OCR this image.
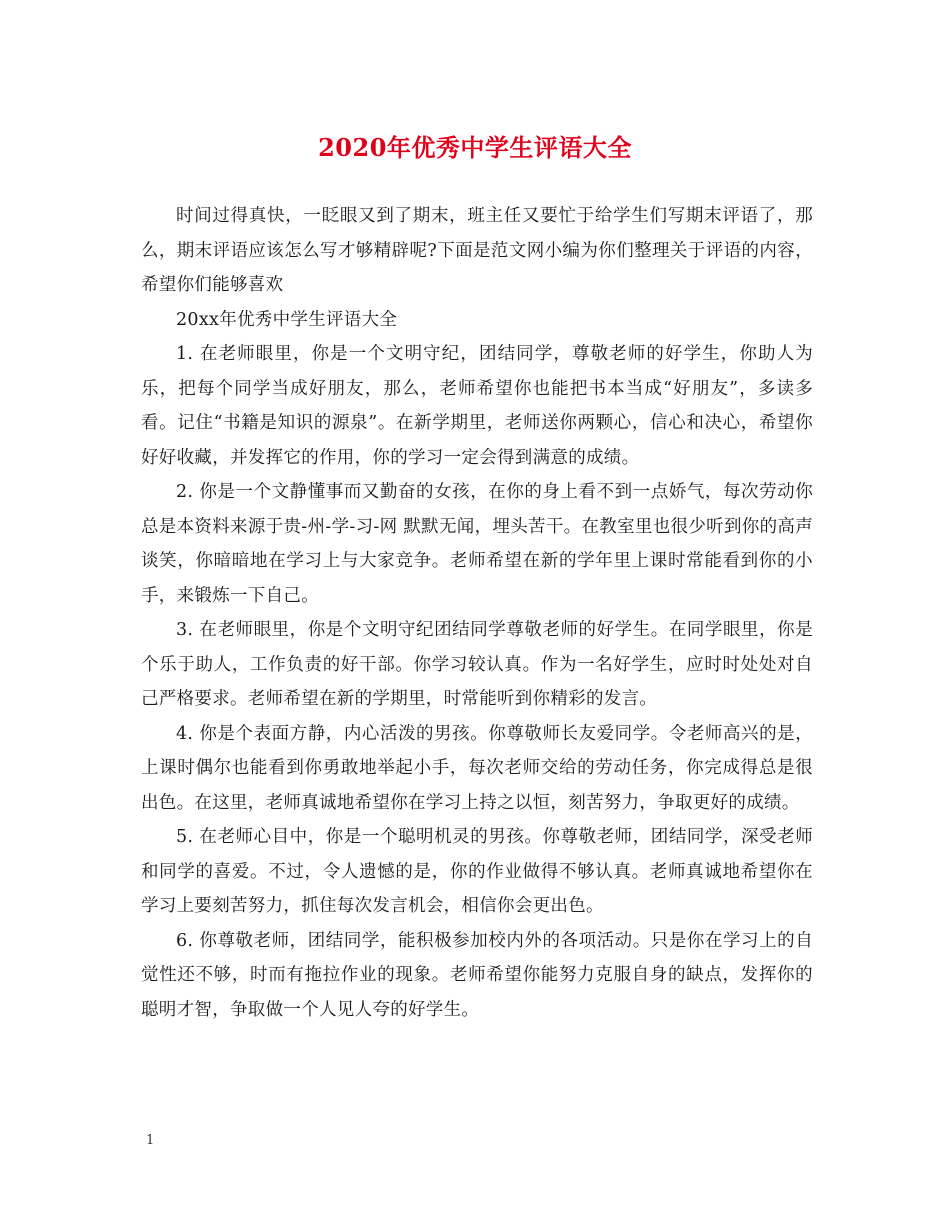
2020年优秀中学生评语大全

时间过得真快，一眨眼又到了期末，班主任又要忙于给学生们写期末评语了，那么，期末评语应该怎么写才够精辟呢?下面是范文网小编为你们整理关于评语的内容，希望你们能够喜欢

20xx年优秀中学生评语大全

1. 在老师眼里，你是一个文明守纪，团结同学，尊敬老师的好学生，你助人为乐，把每个同学当成好朋友，那么，老师希望你也能把书本当成“好朋友”，多读多看。记住“书籍是知识的源泉”。在新学期里，老师送你两颗心，信心和决心，希望你好好收藏，并发挥它的作用，你的学习一定会得到满意的成绩。

2. 你是一个文静懂事而又勤奋的女孩，在你的身上看不到一点娇气，每次劳动你总是本资料来源于贵-州-学-习-网 默默无闻，埋头苦干。在教室里也很少听到你的高声谈笑，你暗暗地在学习上与大家竞争。老师希望在新的学年里上课时常能看到你的小手，来锻炼一下自己。

3. 在老师眼里，你是个文明守纪团结同学尊敬老师的好学生。在同学眼里，你是个乐于助人，工作负责的好干部。你学习较认真。作为一名好学生，应时时处处对自己严格要求。老师希望在新的学期里，时常能听到你精彩的发言。

4. 你是个表面方静，内心活泼的男孩。你尊敬师长友爱同学。令老师高兴的是，上课时偶尔也能看到你勇敢地举起小手，每次老师交给的劳动任务，你完成得总是很出色。在这里，老师真诚地希望你在学习上持之以恒，刻苦努力，争取更好的成绩。

5. 在老师心目中，你是一个聪明机灵的男孩。你尊敬老师，团结同学，深受老师和同学的喜爱。不过，令人遗憾的是，你的作业做得不够认真。老师真诚地希望你在学习上要刻苦努力，抓住每次发言机会，相信你会更出色。

6. 你尊敬老师，团结同学，能积极参加校内外的各项活动。只是你在学习上的自觉性还不够，时而有拖拉作业的现象。老师希望你能努力克服自身的缺点，发挥你的聪明才智，争取做一个人见人夸的好学生。

1
